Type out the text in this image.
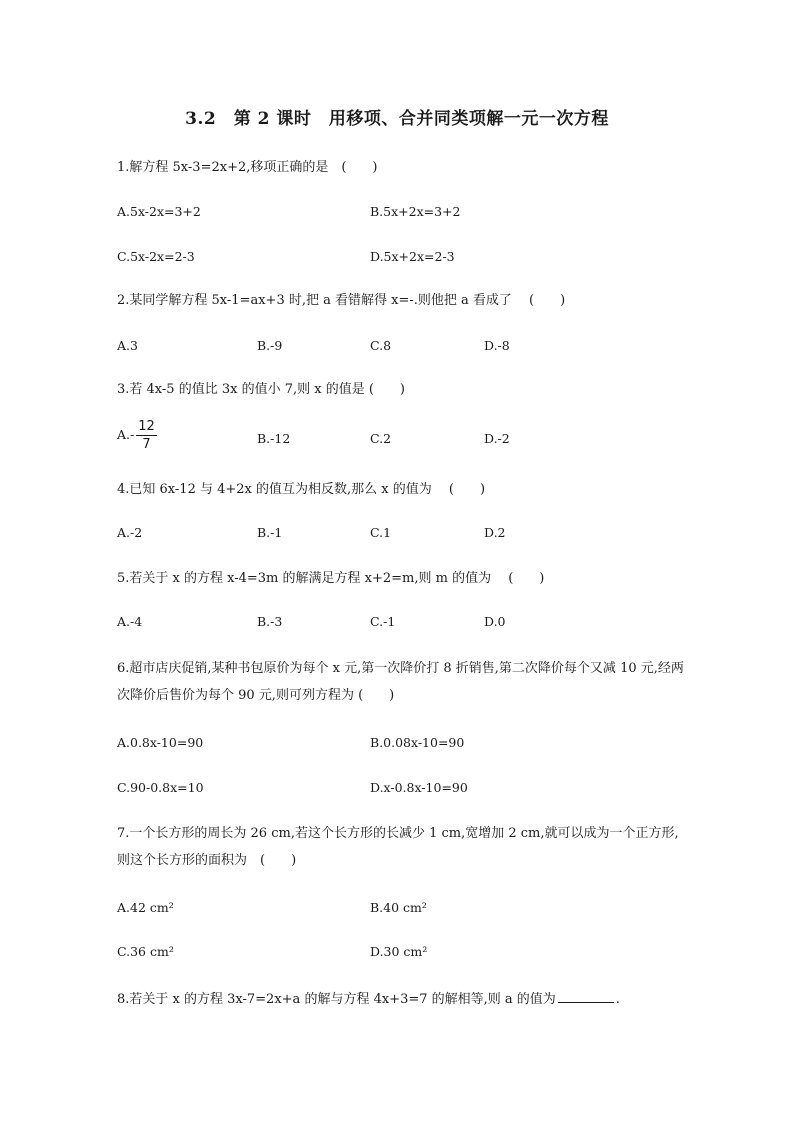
3.2　第 2 课时　用移项、合并同类项解一元一次方程
1.解方程 5x-3=2x+2,移项正确的是　(　　)
A.5x-2x=3+2	B.5x+2x=3+2
C.5x-2x=2-3	D.5x+2x=2-3
2.某同学解方程 5x-1=ax+3 时,把 a 看错解得 x=-.则他把 a 看成了　 (　　)
A.3	B.-9	C.8	D.-8
3.若 4x-5 的值比 3x 的值小 7,则 x 的值是 (　　)
$A.- \frac{12}{7}$	B.-12	C.2	D.-2
4.已知 6x-12 与 4+2x 的值互为相反数,那么 x 的值为　 (　　)
A.-2	B.-1	C.1	D.2
5.若关于 x 的方程 x-4=3m 的解满足方程 x+2=m,则 m 的值为　 (　　)
A.-4	B.-3	C.-1	D.0
6.超市店庆促销,某种书包原价为每个 x 元,第一次降价打 8 折销售,第二次降价每个又减 10 元,经两次降价后售价为每个 90 元,则可列方程为 (　　)
A.0.8x-10=90	B.0.08x-10=90
C.90-0.8x=10	D.x-0.8x-10=90
7.一个长方形的周长为 26 cm,若这个长方形的长减少 1 cm,宽增加 2 cm,就可以成为一个正方形,则这个长方形的面积为　(　　)
A.42 cm²	B.40 cm²
C.36 cm²	D.30 cm²
8.若关于 x 的方程 3x-7=2x+a 的解与方程 4x+3=7 的解相等,则 a 的值为	.
